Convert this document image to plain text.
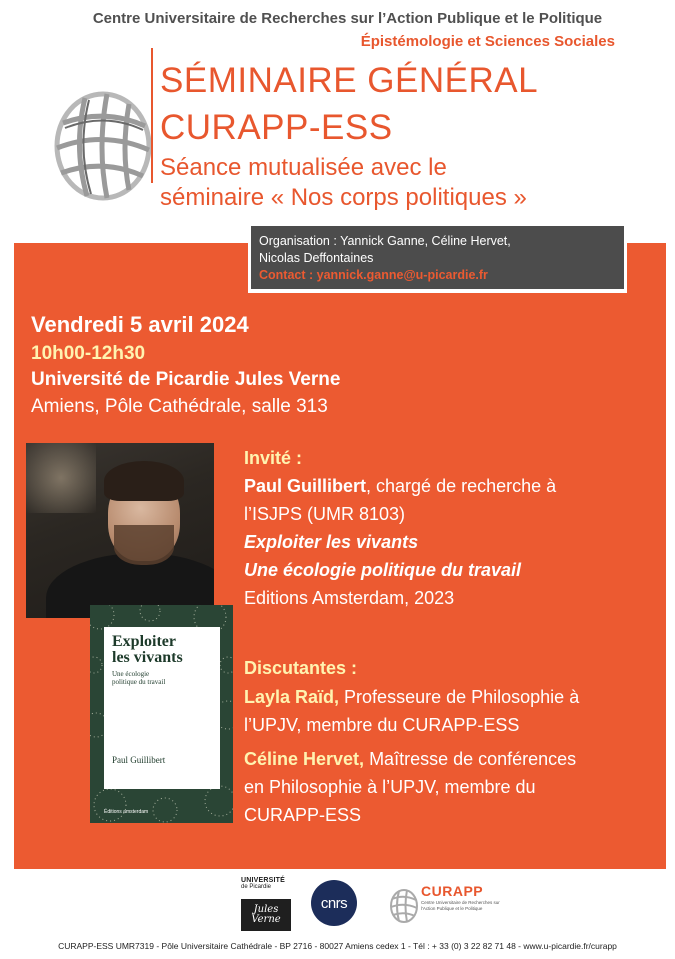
Centre Universitaire de Recherches sur l’Action Publique et le Politique
Épistémologie et Sciences Sociales
SÉMINAIRE GÉNÉRAL
CURAPP-ESS
Séance mutualisée avec le
séminaire « Nos corps politiques »
Organisation : Yannick Ganne, Céline Hervet,
Nicolas Deffontaines
Contact : yannick.ganne@u-picardie.fr
Vendredi 5 avril 2024
10h00-12h30
Université de Picardie Jules Verne
Amiens, Pôle Cathédrale, salle 313
Exploiter
les vivants
Une écologie politique du travail
Paul Guillibert
Éditions amsterdam
Invité :
Paul Guillibert, chargé de recherche à
l’ISJPS (UMR 8103)
Exploiter les vivants
Une écologie politique du travail
Editions Amsterdam, 2023
Discutantes :
Layla Raïd, Professeure de Philosophie à
l’UPJV, membre du CURAPP-ESS
Céline Hervet, Maîtresse de conférences
en Philosophie à l’UPJV, membre du
CURAPP-ESS
UNIVERSITÉ
de Picardie
Jules Verne
cnrs
CURAPP
Centre Universitaire de Recherches sur l'Action Publique et le Politique
CURAPP-ESS UMR7319 - Pôle Universitaire Cathédrale - BP 2716 - 80027 Amiens cedex 1 - Tél : + 33 (0) 3 22 82 71 48 - www.u-picardie.fr/curapp
